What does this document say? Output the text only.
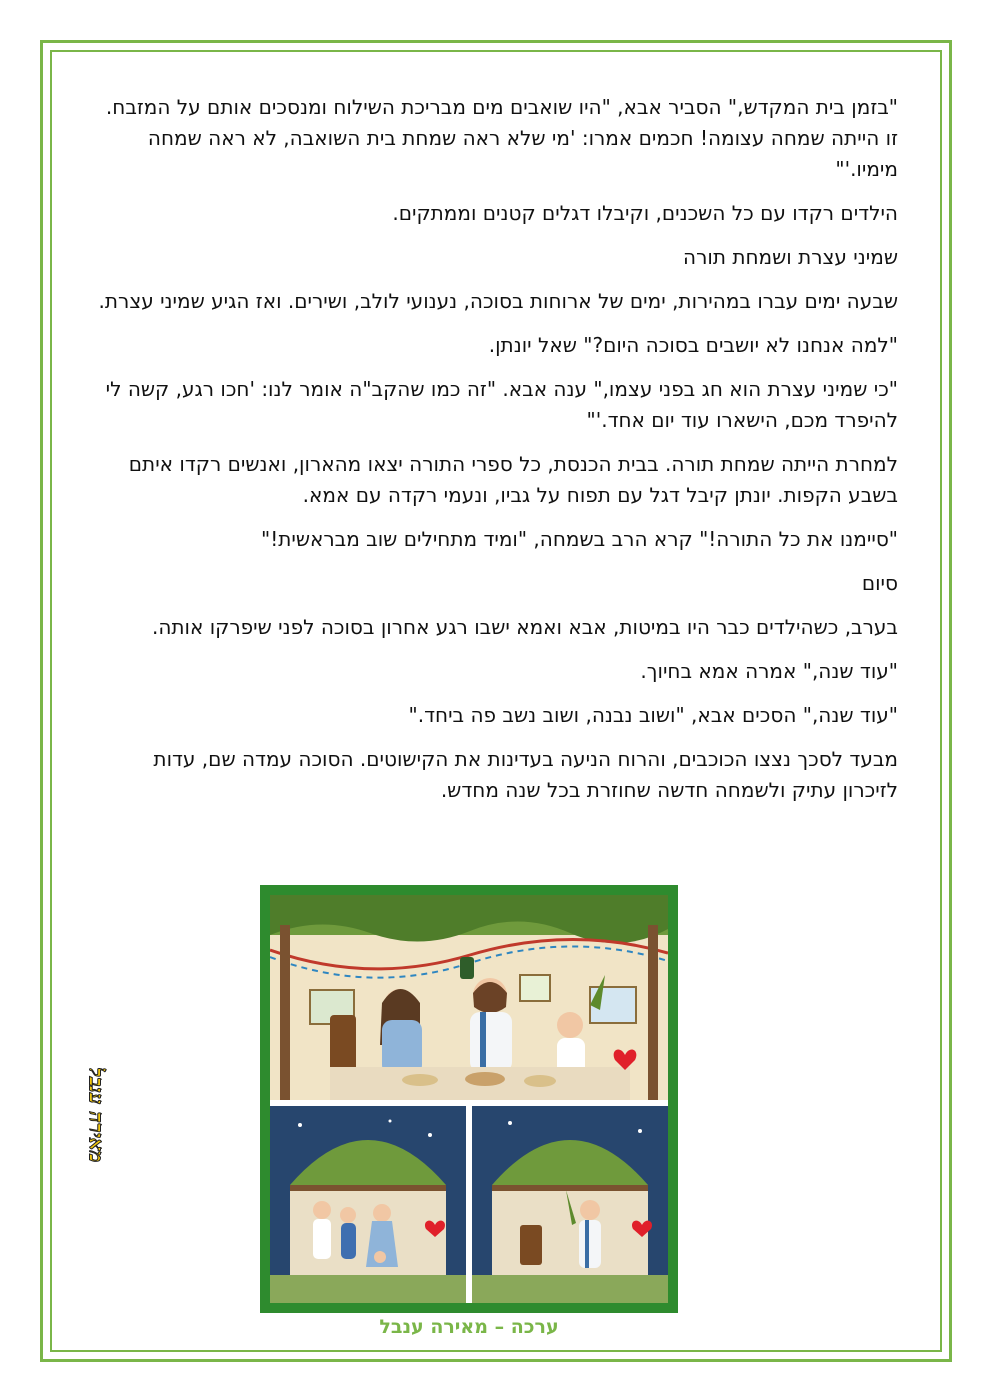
"בזמן בית המקדש," הסביר אבא, "היו שואבים מים מבריכת השילוח ומנסכים אותם על המזבח. זו הייתה שמחה עצומה! חכמים אמרו: 'מי שלא ראה שמחת בית השואבה, לא ראה שמחה מימיו.'"

הילדים רקדו עם כל השכנים, וקיבלו דגלים קטנים וממתקים.

שמיני עצרת ושמחת תורה

שבעה ימים עברו במהירות, ימים של ארוחות בסוכה, נענועי לולב, ושירים. ואז הגיע שמיני עצרת.

"למה אנחנו לא יושבים בסוכה היום?" שאל יונתן.

"כי שמיני עצרת הוא חג בפני עצמו," ענה אבא. "זה כמו שהקב"ה אומר לנו: 'חכו רגע, קשה לי להיפרד מכם, הישארו עוד יום אחד.'"

למחרת הייתה שמחת תורה. בבית הכנסת, כל ספרי התורה יצאו מהארון, ואנשים רקדו איתם בשבע הקפות. יונתן קיבל דגל עם תפוח על גביו, ונעמי רקדה עם אמא.

"סיימנו את כל התורה!" קרא הרב בשמחה, "ומיד מתחילים שוב מבראשית!"

סיום

בערב, כשהילדים כבר היו במיטות, אבא ואמא ישבו רגע אחרון בסוכה לפני שיפרקו אותה.

"עוד שנה," אמרה אמא בחיוך.

"עוד שנה," הסכים אבא, "ושוב נבנה, ושוב נשב פה ביחד."

מבעד לסכך נצצו הכוכבים, והרוח הניעה בעדינות את הקישוטים. הסוכה עמדה שם, עדות לזיכרון עתיק ולשמחה חדשה שחוזרת בכל שנה מחדש.

ערכה – מאירה ענבל
מאירה ענבל
